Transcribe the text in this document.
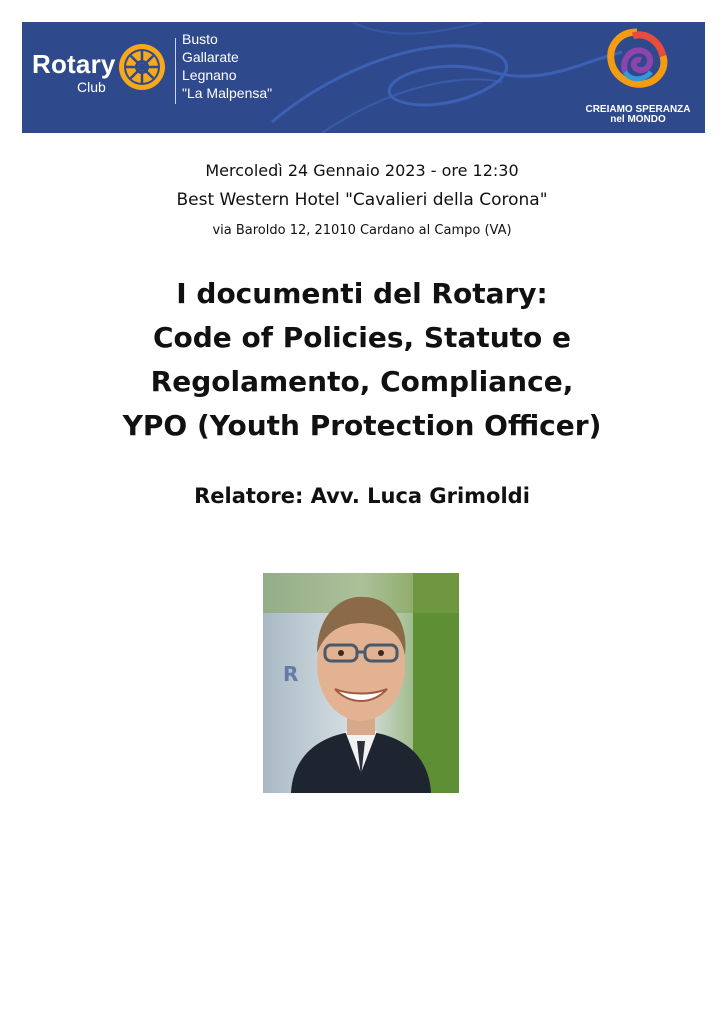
Rotary
Club
Busto
Gallarate
Legnano
"La Malpensa"
CREIAMO SPERANZA
nel MONDO
Mercoledì 24 Gennaio 2023 - ore 12:30
Best Western Hotel "Cavalieri della Corona"
via Baroldo 12, 21010 Cardano al Campo (VA)
I documenti del Rotary:
Code of Policies, Statuto e
Regolamento, Compliance,
YPO (Youth Protection Officer)
Relatore: Avv. Luca Grimoldi
R
